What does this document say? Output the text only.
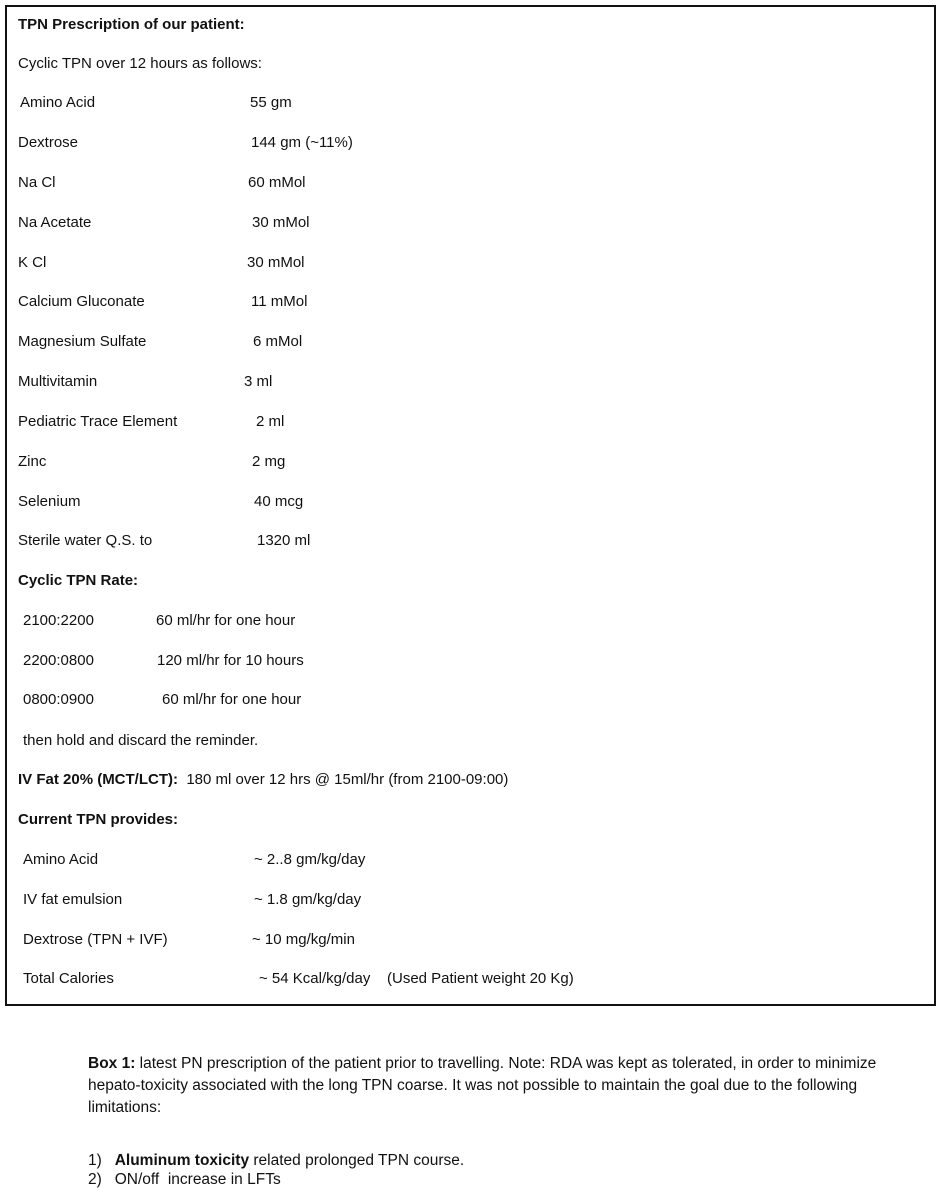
TPN Prescription of our patient:
Cyclic TPN over 12 hours as follows:
Amino Acid	55 gm
Dextrose	144 gm (~11%)
Na Cl	60 mMol
Na Acetate	30 mMol
K Cl	30 mMol
Calcium Gluconate	11 mMol
Magnesium Sulfate	6 mMol
Multivitamin	3 ml
Pediatric Trace Element	2 ml
Zinc	2 mg
Selenium	40 mcg
Sterile water Q.S. to	1320 ml
Cyclic TPN Rate:
2100:2200	60 ml/hr for one hour
2200:0800	120 ml/hr for 10 hours
0800:0900	60 ml/hr for one hour
then hold and discard the reminder.
IV Fat 20% (MCT/LCT): 180 ml over 12 hrs @ 15ml/hr (from 2100-09:00)
Current TPN provides:
Amino Acid	~ 2..8 gm/kg/day
IV fat emulsion	~ 1.8 gm/kg/day
Dextrose (TPN + IVF)	~ 10 mg/kg/min
Total Calories	~ 54 Kcal/kg/day    (Used Patient weight 20 Kg)

Box 1: latest PN prescription of the patient prior to travelling. Note: RDA was kept as tolerated, in order to minimize hepato-toxicity associated with the long TPN coarse. It was not possible to maintain the goal due to the following limitations:

1) Aluminum toxicity related prolonged TPN course.
2) ON/off  increase in LFTs
